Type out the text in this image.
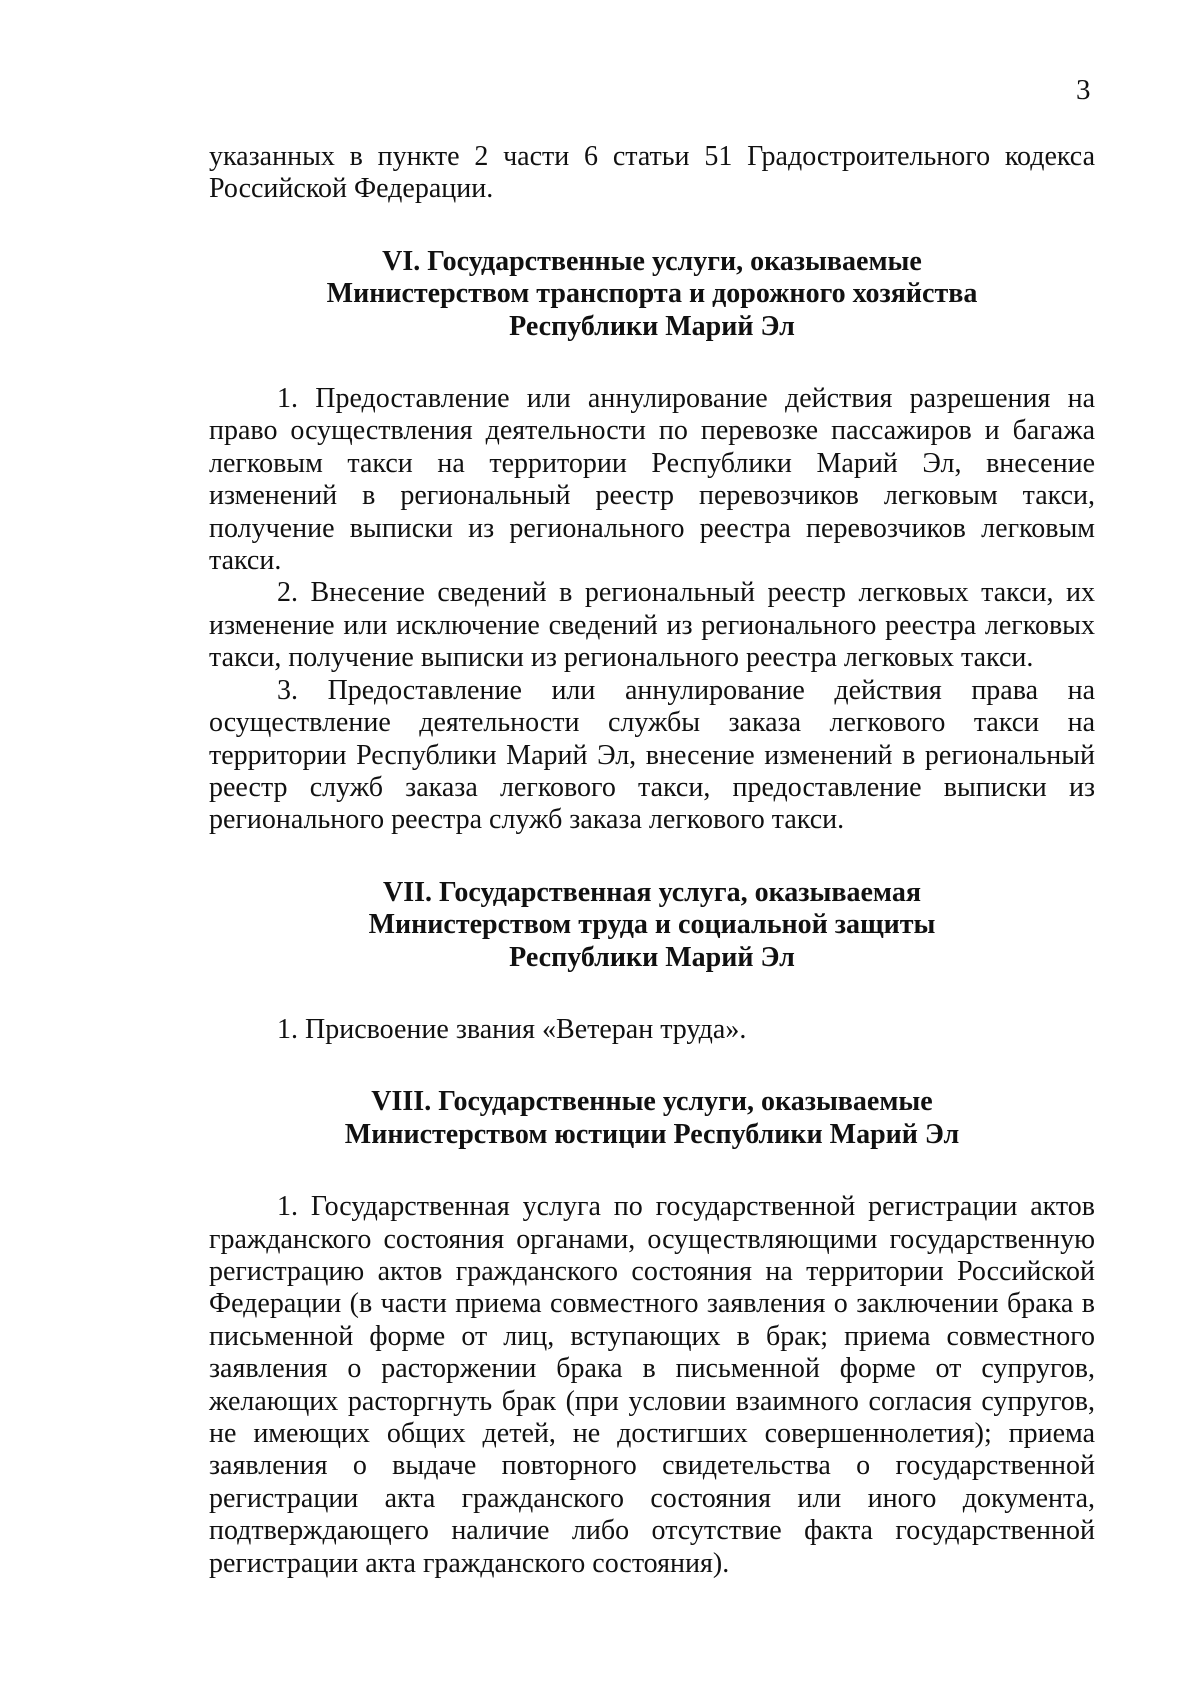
3

указанных в пункте 2 части 6 статьи 51 Градостроительного кодекса Российской Федерации.

VI. Государственные услуги, оказываемые
Министерством транспорта и дорожного хозяйства
Республики Марий Эл

1. Предоставление или аннулирование действия разрешения на право осуществления деятельности по перевозке пассажиров и багажа легковым такси на территории Республики Марий Эл, внесение изменений в региональный реестр перевозчиков легковым такси, получение выписки из регионального реестра перевозчиков легковым такси.

2. Внесение сведений в региональный реестр легковых такси, их изменение или исключение сведений из регионального реестра легковых такси, получение выписки из регионального реестра легковых такси.

3. Предоставление или аннулирование действия права на осуществление деятельности службы заказа легкового такси на территории Республики Марий Эл, внесение изменений в региональный реестр служб заказа легкового такси, предоставление выписки из регионального реестра служб заказа легкового такси.

VII. Государственная услуга, оказываемая
Министерством труда и социальной защиты
Республики Марий Эл

1. Присвоение звания «Ветеран труда».

VIII. Государственные услуги, оказываемые
Министерством юстиции Республики Марий Эл

1. Государственная услуга по государственной регистрации актов гражданского состояния органами, осуществляющими государственную регистрацию актов гражданского состояния на территории Российской Федерации (в части приема совместного заявления о заключении брака в письменной форме от лиц, вступающих в брак; приема совместного заявления о расторжении брака в письменной форме от супругов, желающих расторгнуть брак (при условии взаимного согласия супругов, не имеющих общих детей, не достигших совершеннолетия); приема заявления о выдаче повторного свидетельства о государственной регистрации акта гражданского состояния или иного документа, подтверждающего наличие либо отсутствие факта государственной регистрации акта гражданского состояния).
